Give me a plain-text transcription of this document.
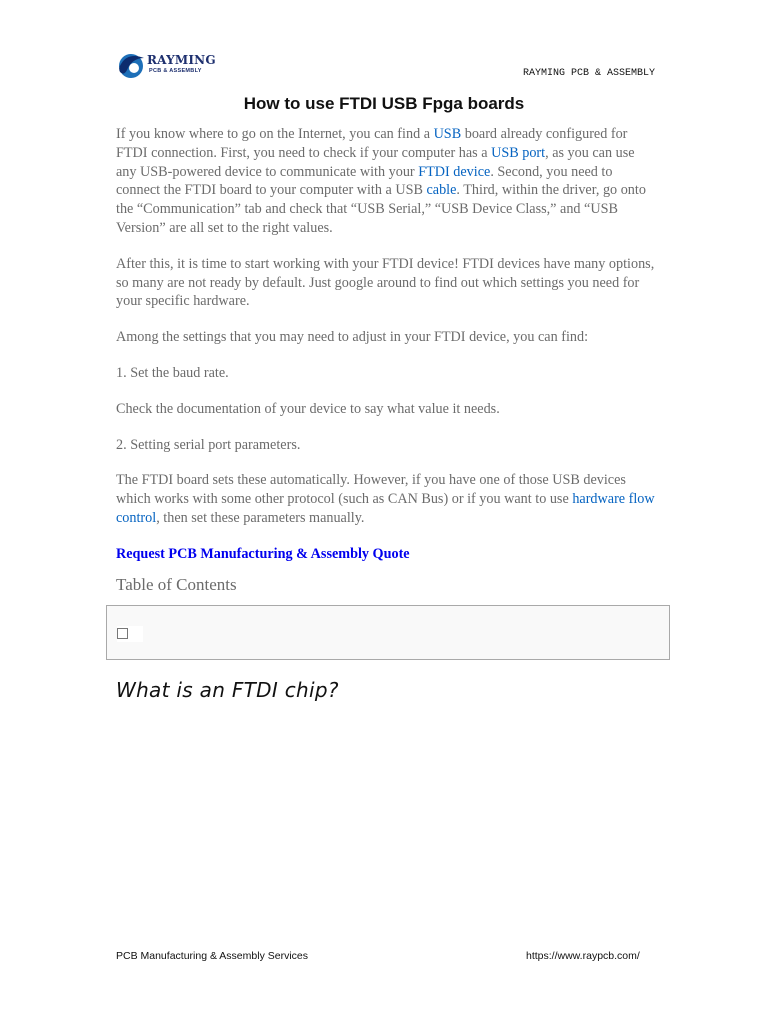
RAYMING
PCB & ASSEMBLY	RAYMING PCB & ASSEMBLY
How to use FTDI USB Fpga boards

If you know where to go on the Internet, you can find a USB board already configured for FTDI connection. First, you need to check if your computer has a USB port, as you can use any USB-powered device to communicate with your FTDI device. Second, you need to connect the FTDI board to your computer with a USB cable. Third, within the driver, go onto the “Communication” tab and check that “USB Serial,” “USB Device Class,” and “USB Version” are all set to the right values.

After this, it is time to start working with your FTDI device! FTDI devices have many options, so many are not ready by default. Just google around to find out which settings you need for your specific hardware.

Among the settings that you may need to adjust in your FTDI device, you can find:

1. Set the baud rate.

Check the documentation of your device to say what value it needs.

2. Setting serial port parameters.

The FTDI board sets these automatically. However, if you have one of those USB devices which works with some other protocol (such as CAN Bus) or if you want to use hardware flow control, then set these parameters manually.

Request PCB Manufacturing & Assembly Quote
Table of Contents
What is an FTDI chip?
PCB Manufacturing & Assembly Services	https://www.raypcb.com/
